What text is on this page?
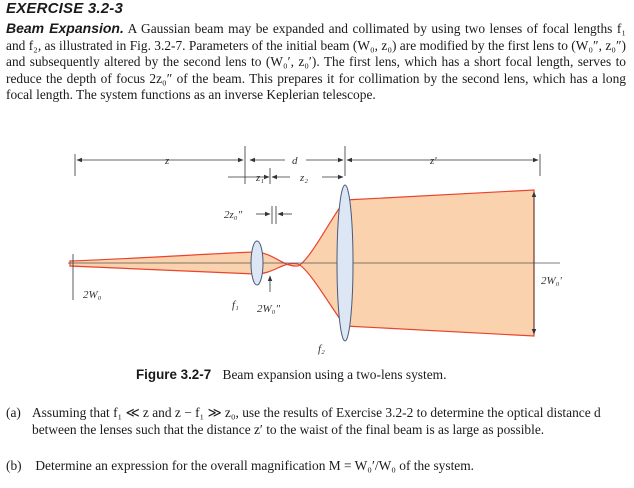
EXERCISE 3.2-3
Beam Expansion. A Gaussian beam may be expanded and collimated by using two lenses of focal lengths f₁ and f₂, as illustrated in Fig. 3.2-7. Parameters of the initial beam (W₀, z₀) are modified by the first lens to (W₀″, z₀″) and subsequently altered by the second lens to (W₀′, z₀′). The first lens, which has a short focal length, serves to reduce the depth of focus 2z₀″ of the beam. This prepares it for collimation by the second lens, which has a long focal length. The system functions as an inverse Keplerian telescope.
z	d	z′
z₁	z₂
2z₀″
2W₀
f₁ 2W₀″
f₂
2W₀′
Figure 3.2-7 Beam expansion using a two-lens system.
(a) Assuming that f₁ ≪ z and z − f₁ ≫ z₀, use the results of Exercise 3.2-2 to determine the optical distance d between the lenses such that the distance z′ to the waist of the final beam is as large as possible.
(b) Determine an expression for the overall magnification M = W₀′/W₀ of the system.
